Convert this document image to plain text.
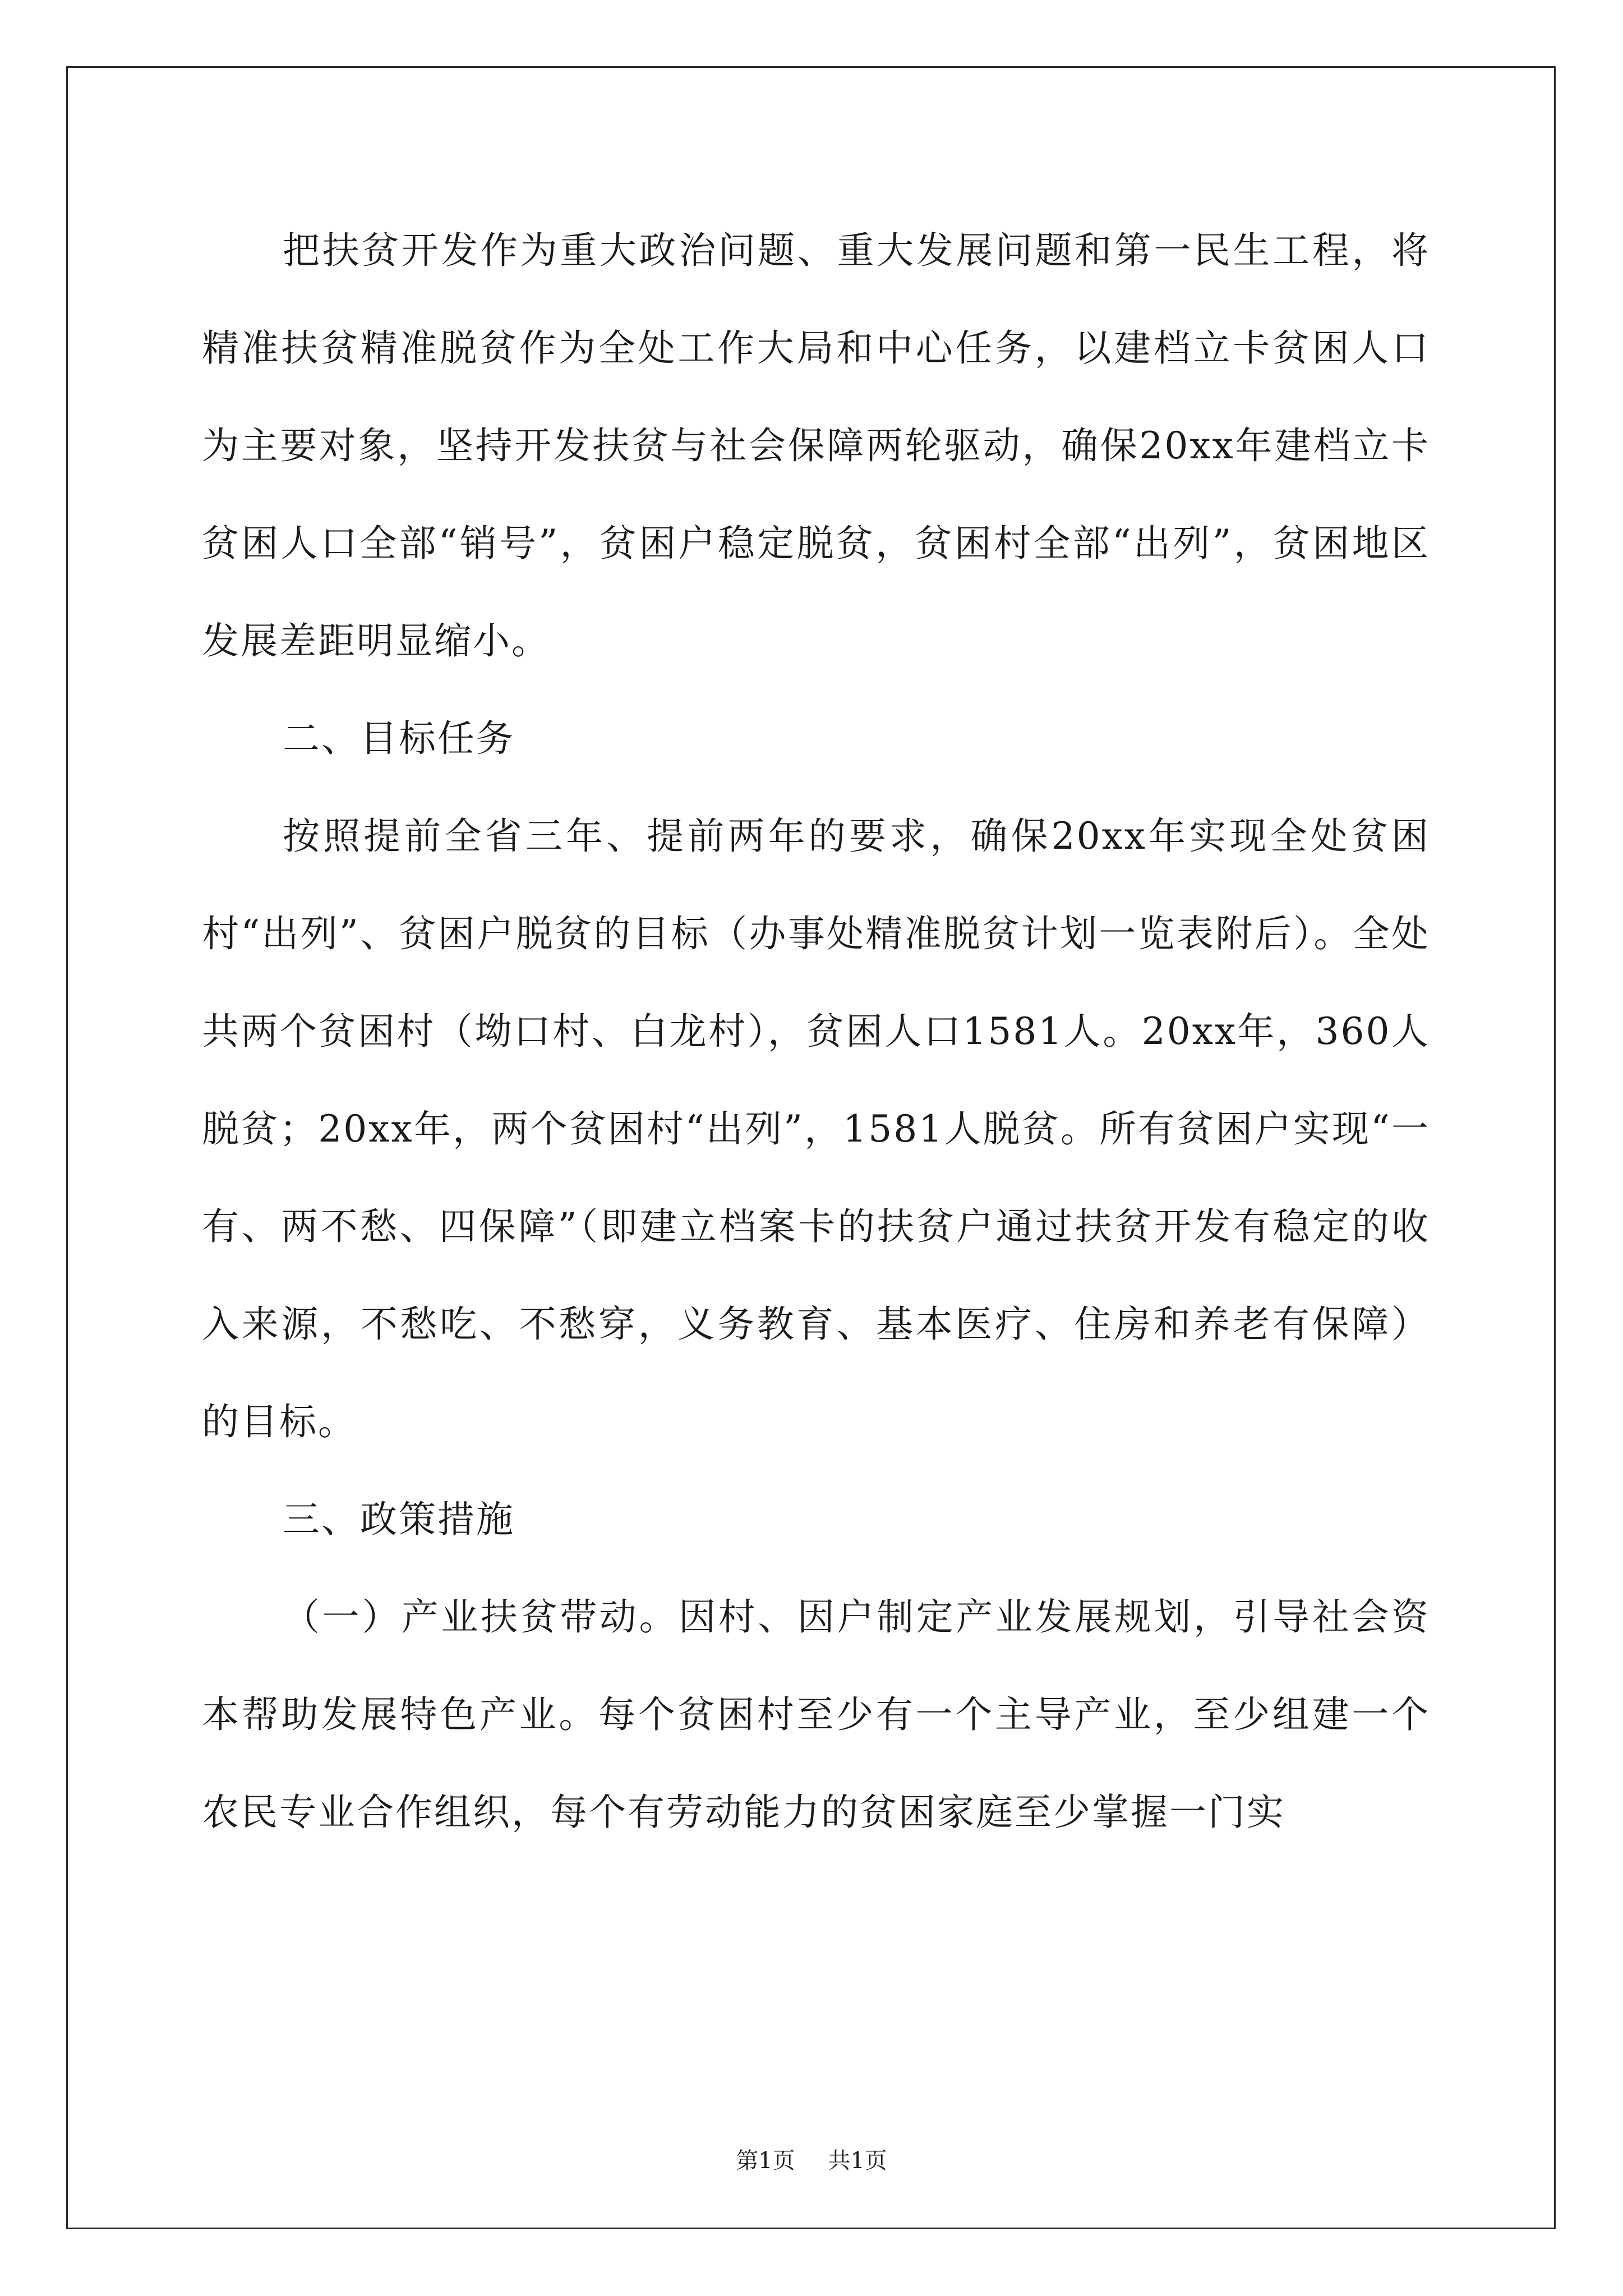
把扶贫开发作为重大政治问题、重大发展问题和第一民生工程，将精准扶贫精准脱贫作为全处工作大局和中心任务，以建档立卡贫困人口为主要对象，坚持开发扶贫与社会保障两轮驱动，确保20xx年建档立卡贫困人口全部“销号”，贫困户稳定脱贫，贫困村全部“出列”，贫困地区发展差距明显缩小。

二、目标任务

按照提前全省三年、提前两年的要求，确保20xx年实现全处贫困村“出列”、贫困户脱贫的目标（办事处精准脱贫计划一览表附后）。全处共两个贫困村（坳口村、白龙村），贫困人口1581人。20xx年，360人脱贫；20xx年，两个贫困村“出列”，1581人脱贫。所有贫困户实现“一有、两不愁、四保障”（即建立档案卡的扶贫户通过扶贫开发有稳定的收入来源，不愁吃、不愁穿，义务教育、基本医疗、住房和养老有保障）的目标。

三、政策措施

（一）产业扶贫带动。因村、因户制定产业发展规划，引导社会资本帮助发展特色产业。每个贫困村至少有一个主导产业，至少组建一个农民专业合作组织，每个有劳动能力的贫困家庭至少掌握一门实

第1页 共1页
